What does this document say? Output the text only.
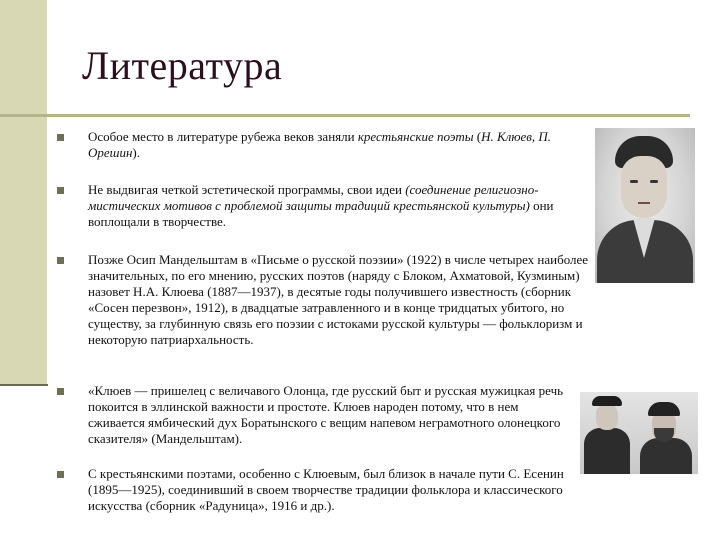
Литература

Особое место в литературе рубежа веков заняли крестьянские поэты (Н. Клюев, П. Орешин).

Не выдвигая четкой эстетической программы, свои идеи (соединение религиозно-мистических мотивов с проблемой защиты традиций крестьянской культуры) они воплощали в творчестве.

Позже Осип Мандельштам в «Письме о русской поэзии» (1922) в числе четырех наиболее значительных, по его мнению, русских поэтов (наряду с Блоком, Ахматовой, Кузминым) назовет Н.А. Клюева (1887—1937), в десятые годы получившего известность (сборник «Сосен перезвон», 1912), в двадцатые затравленного и в конце тридцатых убитого, но существу, за глубинную связь его поэзии с истоками русской культуры — фольклоризм и некоторую патриархальность.

«Клюев — пришелец с величавого Олонца, где русский быт и русская мужицкая речь покоится в эллинской важности и простоте. Клюев народен потому, что в нем сживается ямбический дух Боратынского с вещим напевом неграмотного олонецкого сказителя» (Мандельштам).

С крестьянскими поэтами, особенно с Клюевым, был близок в начале пути С. Есенин (1895—1925), соединивший в своем творчестве традиции фольклора и классического искусства (сборник «Радуница», 1916 и др.).
